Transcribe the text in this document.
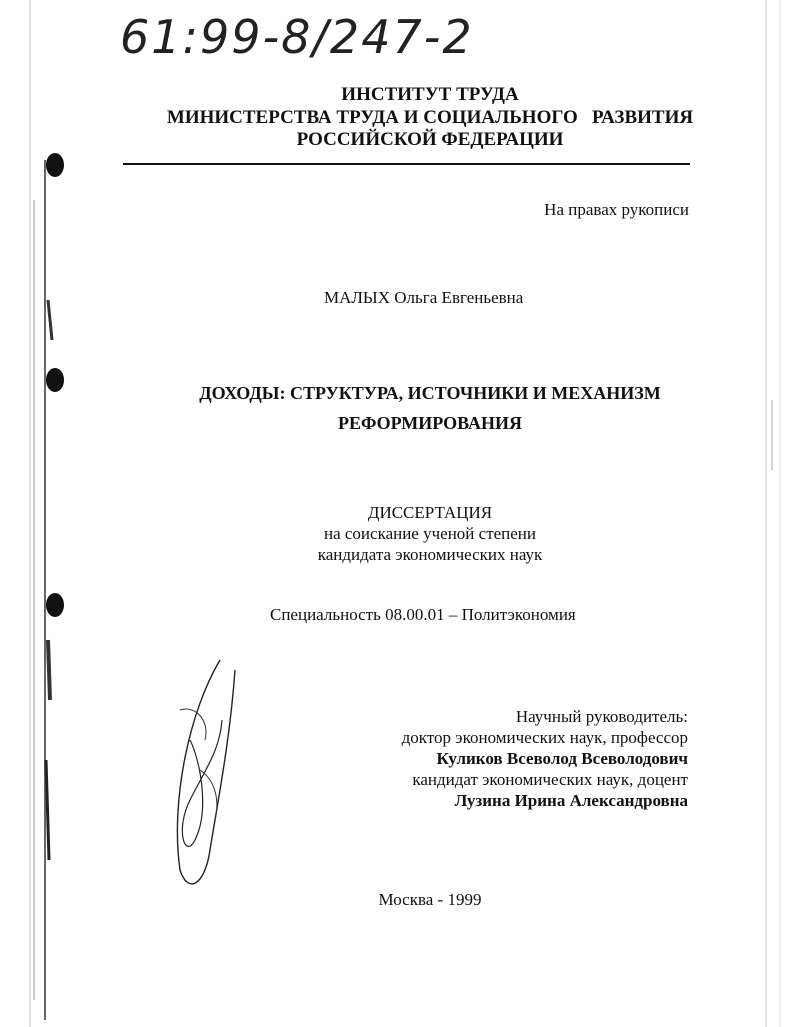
61:99-8/247-2
ИНСТИТУТ ТРУДА
МИНИСТЕРСТВА ТРУДА И СОЦИАЛЬНОГО   РАЗВИТИЯ
РОССИЙСКОЙ ФЕДЕРАЦИИ
На правах рукописи
МАЛЫХ Ольга Евгеньевна
ДОХОДЫ: СТРУКТУРА, ИСТОЧНИКИ И МЕХАНИЗМ
РЕФОРМИРОВАНИЯ
ДИССЕРТАЦИЯ
на соискание ученой степени
кандидата экономических наук
Специальность 08.00.01 – Политэкономия
Научный руководитель:
доктор экономических наук, профессор
Куликов Всеволод Всеволодович
кандидат экономических наук, доцент
Лузина Ирина Александровна
Москва - 1999
